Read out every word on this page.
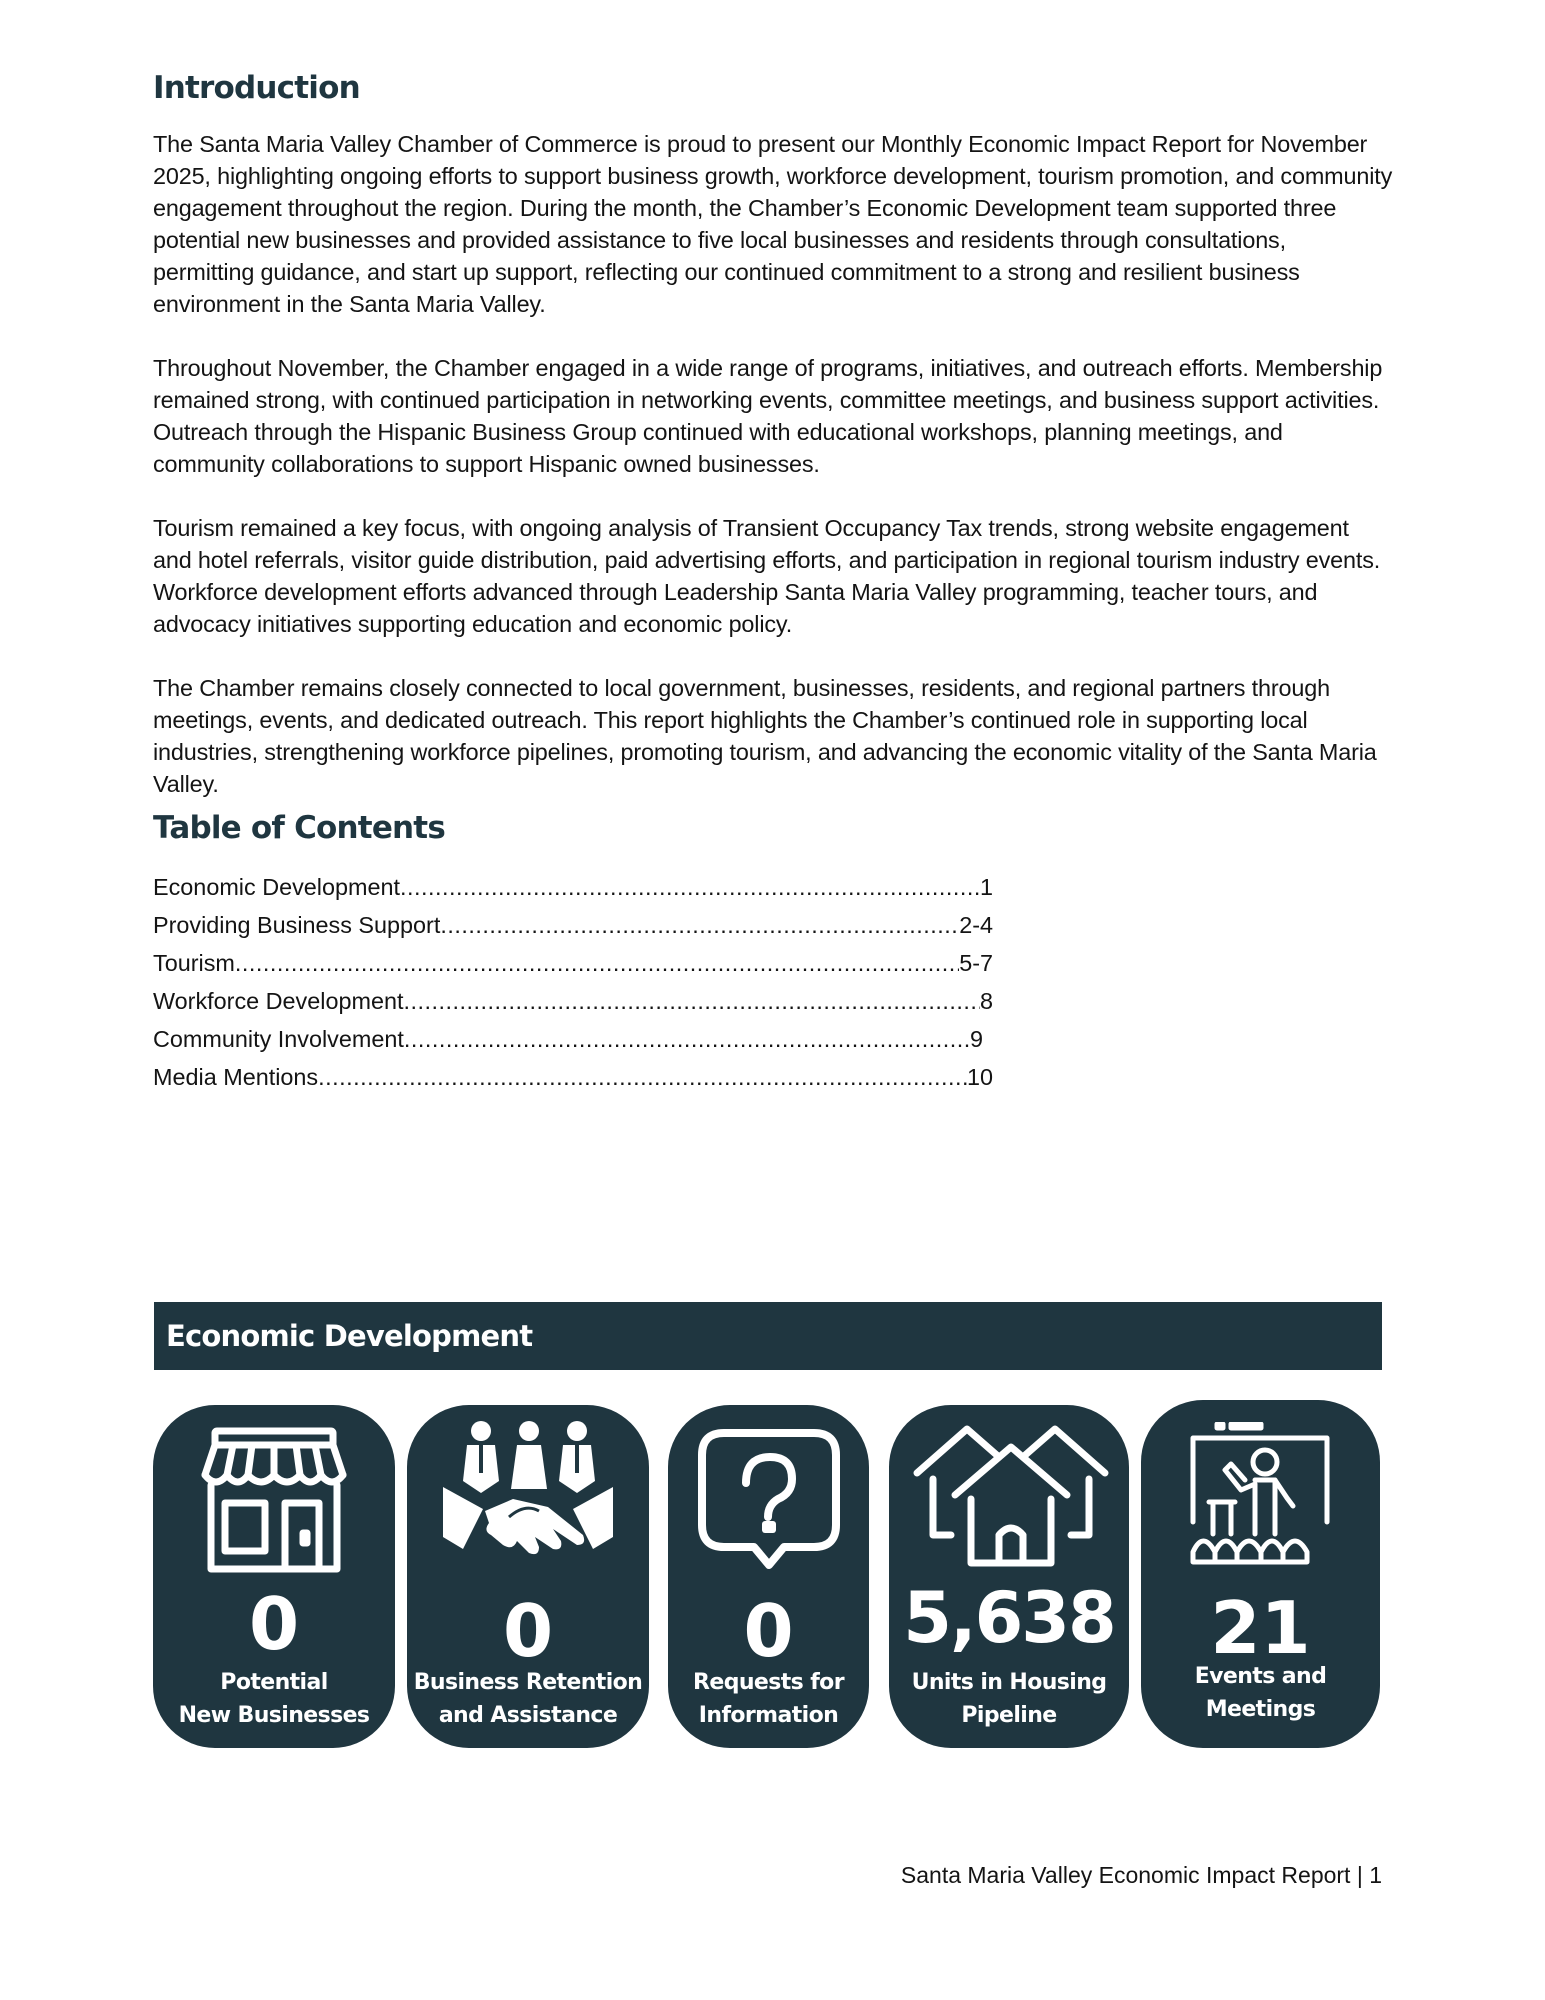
Introduction

The Santa Maria Valley Chamber of Commerce is proud to present our Monthly Economic Impact Report for November 2025, highlighting ongoing efforts to support business growth, workforce development, tourism promotion, and community engagement throughout the region. During the month, the Chamber’s Economic Development team supported three potential new businesses and provided assistance to five local businesses and residents through consultations, permitting guidance, and start up support, reflecting our continued commitment to a strong and resilient business environment in the Santa Maria Valley.

Throughout November, the Chamber engaged in a wide range of programs, initiatives, and outreach efforts. Membership remained strong, with continued participation in networking events, committee meetings, and business support activities. Outreach through the Hispanic Business Group continued with educational workshops, planning meetings, and community collaborations to support Hispanic owned businesses.

Tourism remained a key focus, with ongoing analysis of Transient Occupancy Tax trends, strong website engagement and hotel referrals, visitor guide distribution, paid advertising efforts, and participation in regional tourism industry events. Workforce development efforts advanced through Leadership Santa Maria Valley programming, teacher tours, and advocacy initiatives supporting education and economic policy.

The Chamber remains closely connected to local government, businesses, residents, and regional partners through meetings, events, and dedicated outreach. This report highlights the Chamber’s continued role in supporting local industries, strengthening workforce pipelines, promoting tourism, and advancing the economic vitality of the Santa Maria Valley.

Table of Contents
Economic Development .....	1
Providing Business Support .....	2-4
Tourism .....	5-7
Workforce Development .....	8
Community Involvement .....	9
Media Mentions .....	10
Economic Development
0
Potential
New Businesses
0
Business Retention
and Assistance
0
Requests for
Information
5,638
Units in Housing
Pipeline
21
Events and
Meetings
Santa Maria Valley Economic Impact Report | 1
